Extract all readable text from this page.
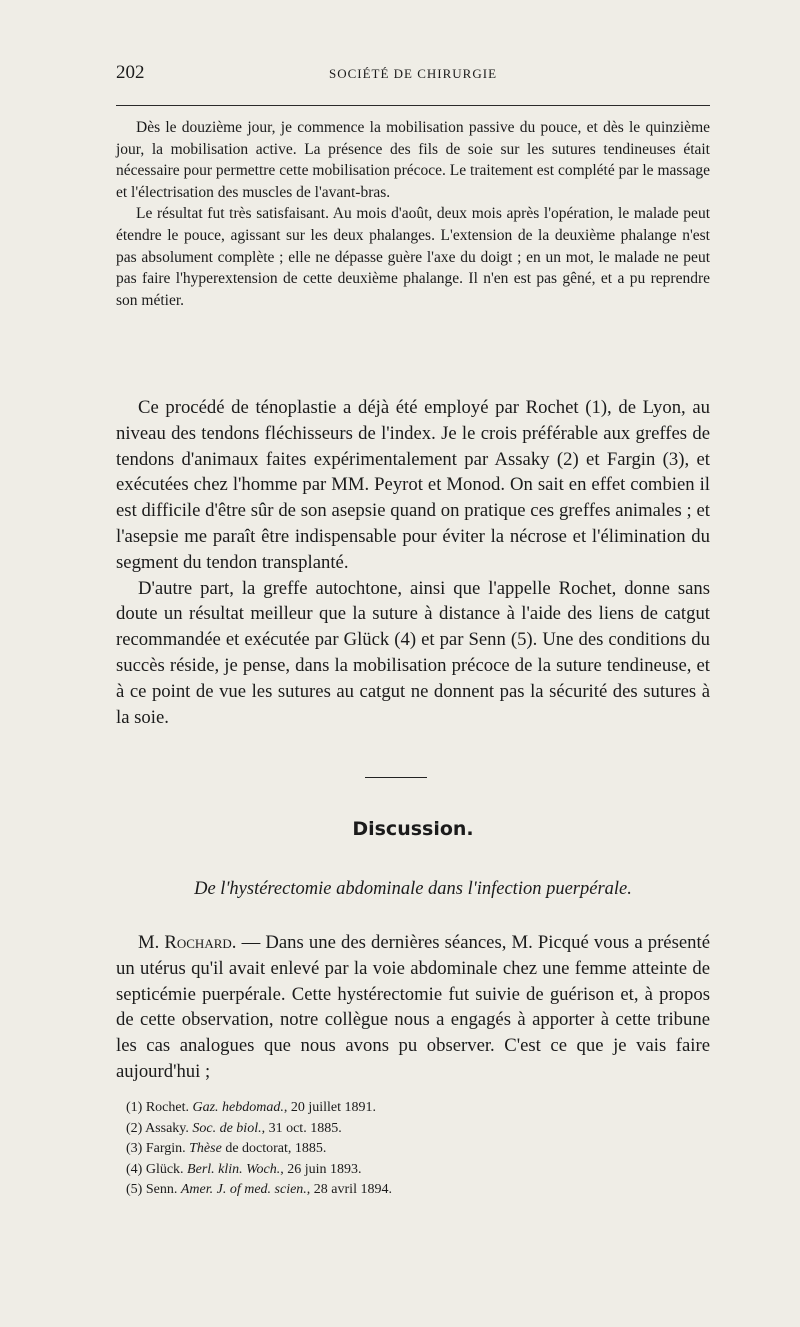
202	SOCIÉTÉ DE CHIRURGIE

Dès le douzième jour, je commence la mobilisation passive du pouce, et dès le quinzième jour, la mobilisation active. La présence des fils de soie sur les sutures tendineuses était nécessaire pour permettre cette mobilisation précoce. Le traitement est complété par le massage et l'électrisation des muscles de l'avant-bras.

Le résultat fut très satisfaisant. Au mois d'août, deux mois après l'opération, le malade peut étendre le pouce, agissant sur les deux phalanges. L'extension de la deuxième phalange n'est pas absolument complète ; elle ne dépasse guère l'axe du doigt ; en un mot, le malade ne peut pas faire l'hyperextension de cette deuxième phalange. Il n'en est pas gêné, et a pu reprendre son métier.

Ce procédé de ténoplastie a déjà été employé par Rochet (1), de Lyon, au niveau des tendons fléchisseurs de l'index. Je le crois préférable aux greffes de tendons d'animaux faites expérimentalement par Assaky (2) et Fargin (3), et exécutées chez l'homme par MM. Peyrot et Monod. On sait en effet combien il est difficile d'être sûr de son asepsie quand on pratique ces greffes animales ; et l'asepsie me paraît être indispensable pour éviter la nécrose et l'élimination du segment du tendon transplanté.

D'autre part, la greffe autochtone, ainsi que l'appelle Rochet, donne sans doute un résultat meilleur que la suture à distance à l'aide des liens de catgut recommandée et exécutée par Glück (4) et par Senn (5). Une des conditions du succès réside, je pense, dans la mobilisation précoce de la suture tendineuse, et à ce point de vue les sutures au catgut ne donnent pas la sécurité des sutures à la soie.

Discussion.
De l'hystérectomie abdominale dans l'infection puerpérale.

M. Rochard. — Dans une des dernières séances, M. Picqué vous a présenté un utérus qu'il avait enlevé par la voie abdominale chez une femme atteinte de septicémie puerpérale. Cette hystérectomie fut suivie de guérison et, à propos de cette observation, notre collègue nous a engagés à apporter à cette tribune les cas analogues que nous avons pu observer. C'est ce que je vais faire aujourd'hui ;

(1) Rochet. Gaz. hebdomad., 20 juillet 1891.
(2) Assaky. Soc. de biol., 31 oct. 1885.
(3) Fargin. Thèse de doctorat, 1885.
(4) Glück. Berl. klin. Woch., 26 juin 1893.
(5) Senn. Amer. J. of med. scien., 28 avril 1894.
